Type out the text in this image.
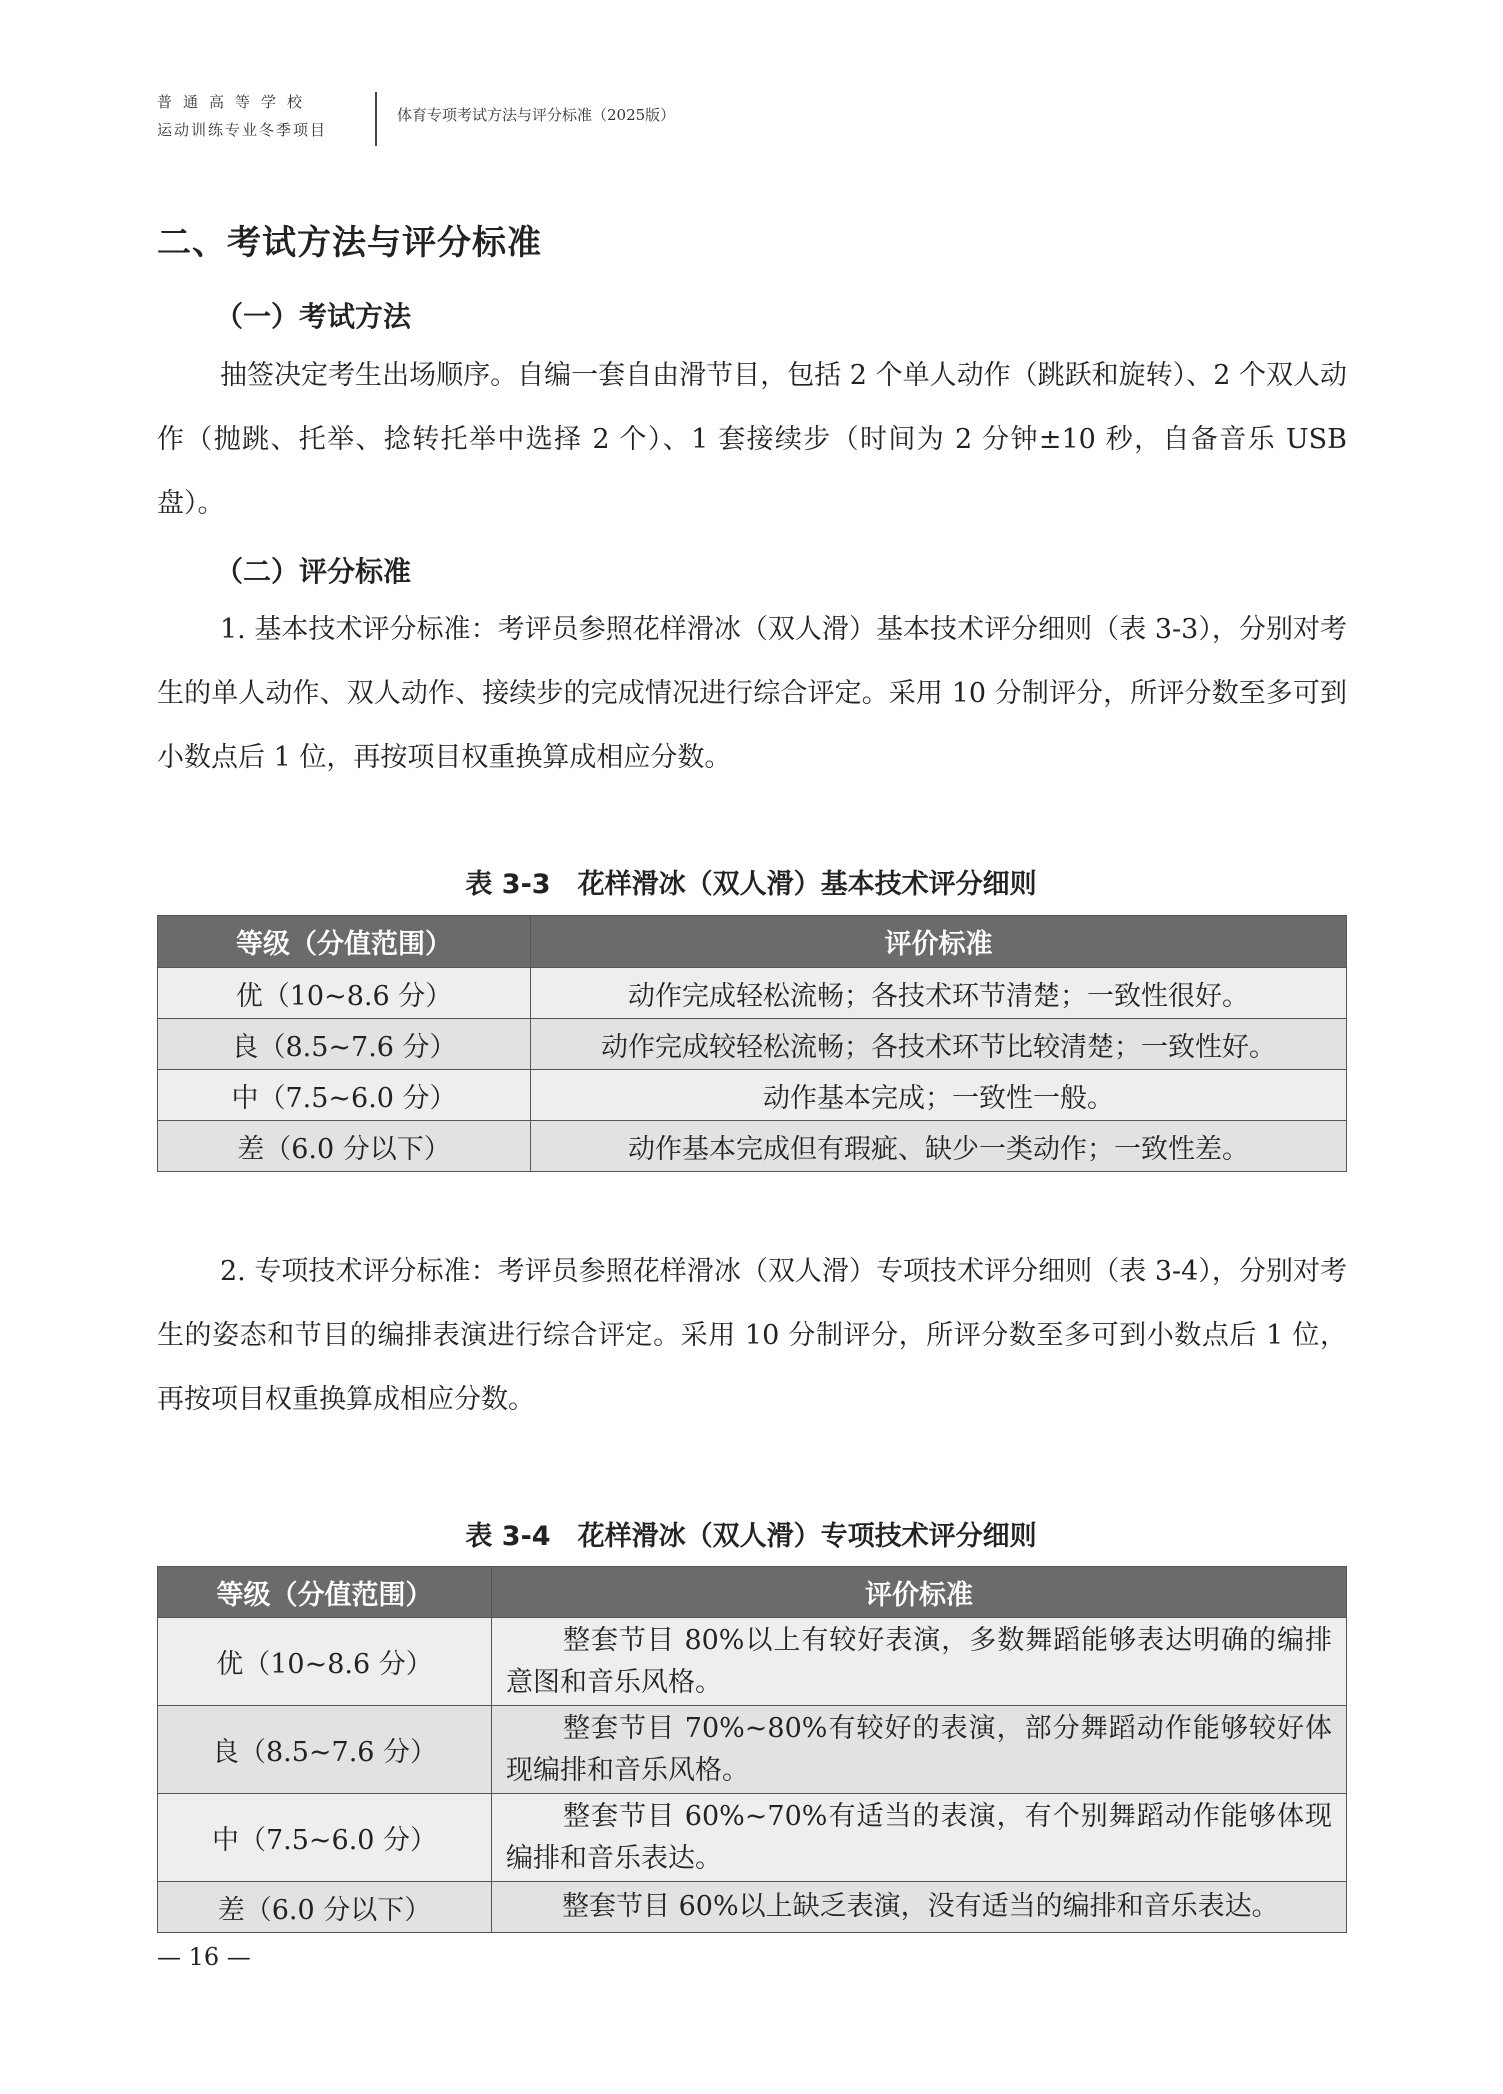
普通高等学校
运动训练专业冬季项目
体育专项考试方法与评分标准（2025版）
二、考试方法与评分标准
（一）考试方法
抽签决定考生出场顺序。自编一套自由滑节目，包括 2 个单人动作（跳跃和旋转）、2 个双人动作（抛跳、托举、捻转托举中选择 2 个）、1 套接续步（时间为 2 分钟±10 秒，自备音乐 USB 盘）。
（二）评分标准
1. 基本技术评分标准：考评员参照花样滑冰（双人滑）基本技术评分细则（表 3-3），分别对考生的单人动作、双人动作、接续步的完成情况进行综合评定。采用 10 分制评分，所评分数至多可到小数点后 1 位，再按项目权重换算成相应分数。
表 3-3　花样滑冰（双人滑）基本技术评分细则
等级（分值范围）	评价标准
优（10~8.6 分）	动作完成轻松流畅；各技术环节清楚；一致性很好。
良（8.5~7.6 分）	动作完成较轻松流畅；各技术环节比较清楚；一致性好。
中（7.5~6.0 分）	动作基本完成；一致性一般。
差（6.0 分以下）	动作基本完成但有瑕疵、缺少一类动作；一致性差。
2. 专项技术评分标准：考评员参照花样滑冰（双人滑）专项技术评分细则（表 3-4），分别对考生的姿态和节目的编排表演进行综合评定。采用 10 分制评分，所评分数至多可到小数点后 1 位，再按项目权重换算成相应分数。
表 3-4　花样滑冰（双人滑）专项技术评分细则
等级（分值范围）	评价标准
优（10~8.6 分）	整套节目 80%以上有较好表演，多数舞蹈能够表达明确的编排意图和音乐风格。
良（8.5~7.6 分）	整套节目 70%~80%有较好的表演，部分舞蹈动作能够较好体现编排和音乐风格。
中（7.5~6.0 分）	整套节目 60%~70%有适当的表演，有个别舞蹈动作能够体现编排和音乐表达。
差（6.0 分以下）	整套节目 60%以上缺乏表演，没有适当的编排和音乐表达。
— 16 —
